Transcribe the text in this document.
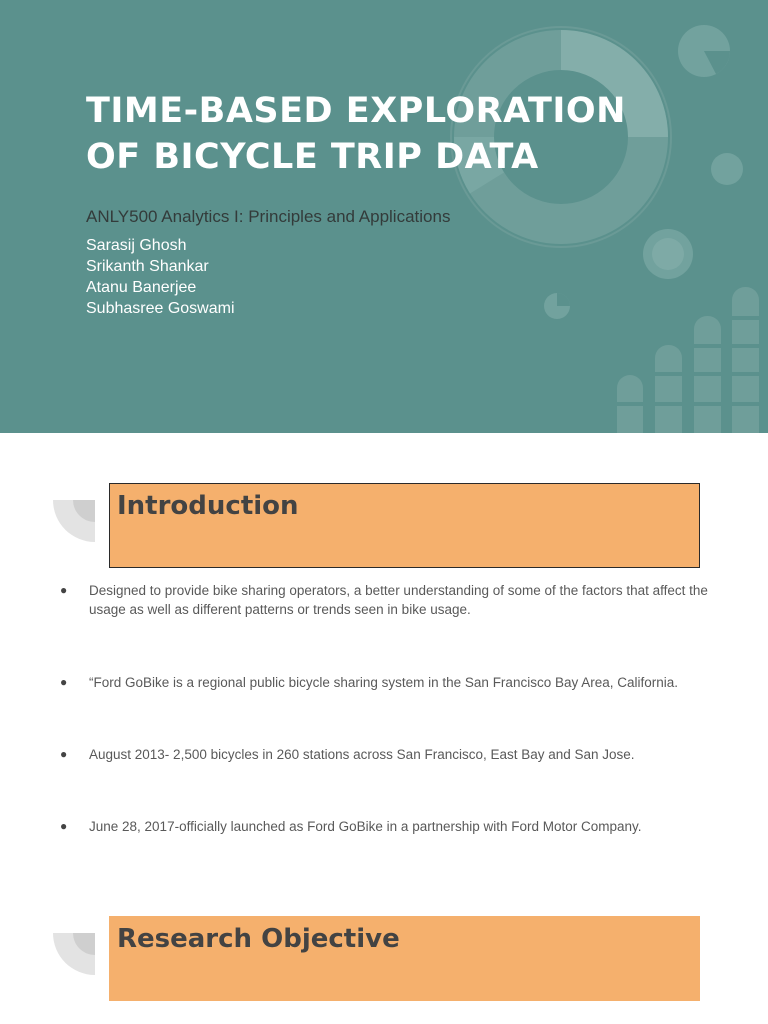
TIME-BASED EXPLORATION
OF BICYCLE TRIP DATA

ANLY500 Analytics I: Principles and Applications

Sarasij Ghosh
Srikanth Shankar
Atanu Banerjee
Subhasree Goswami
Introduction
●	Designed to provide bike sharing operators, a better understanding of some of the factors that affect the usage as well as different patterns or trends seen in bike usage.
●	“Ford GoBike is a regional public bicycle sharing system in the San Francisco Bay Area, California.
●	August 2013- 2,500 bicycles in 260 stations across San Francisco, East Bay and San Jose.
●	June 28, 2017-officially launched as Ford GoBike in a partnership with Ford Motor Company.
Research Objective
